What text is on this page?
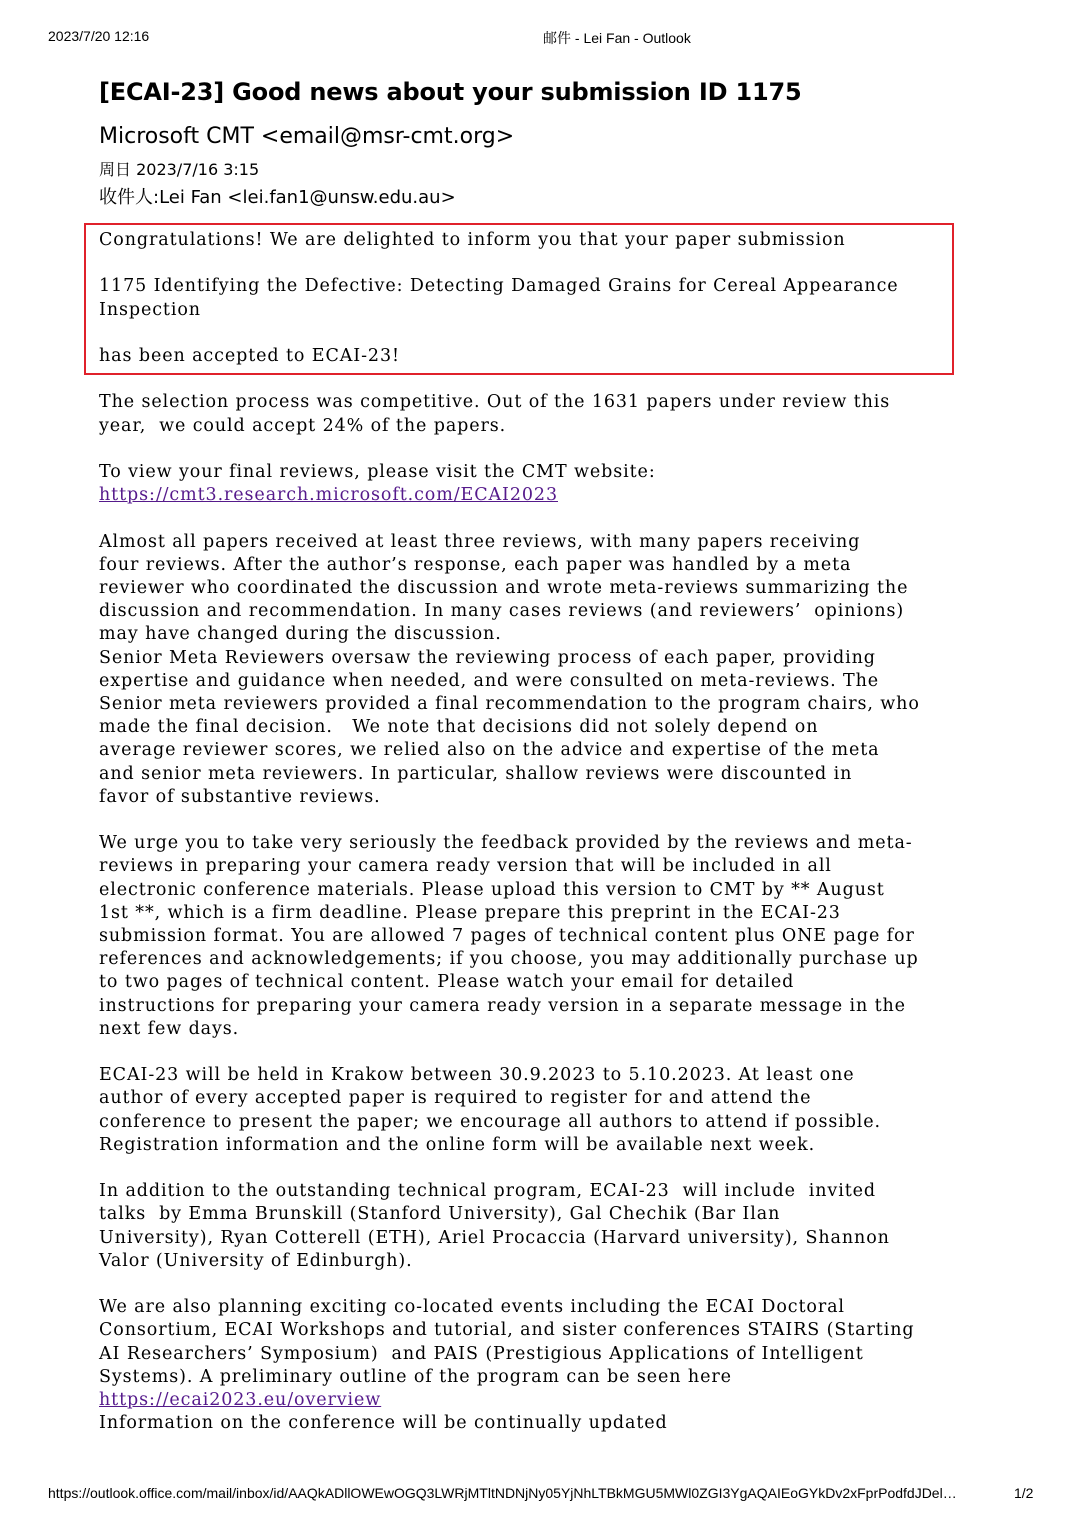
2023/7/20 12:16	邮件 - Lei Fan - Outlook
[ECAI-23] Good news about your submission ID 1175
Microsoft CMT <email@msr-cmt.org>
周日 2023/7/16 3:15
收件人:Lei Fan <lei.fan1@unsw.edu.au>

Congratulations! We are delighted to inform you that your paper submission

1175 Identifying the Defective: Detecting Damaged Grains for Cereal Appearance

Inspection

has been accepted to ECAI-23!

The selection process was competitive. Out of the 1631 papers under review this

year,  we could accept 24% of the papers.

To view your final reviews, please visit the CMT website:

https://cmt3.research.microsoft.com/ECAI2023

Almost all papers received at least three reviews, with many papers receiving

four reviews. After the author’s response, each paper was handled by a meta

reviewer who coordinated the discussion and wrote meta-reviews summarizing the

discussion and recommendation. In many cases reviews (and reviewers’  opinions)

may have changed during the discussion.

Senior Meta Reviewers oversaw the reviewing process of each paper, providing

expertise and guidance when needed, and were consulted on meta-reviews. The

Senior meta reviewers provided a final recommendation to the program chairs, who

made the final decision.   We note that decisions did not solely depend on

average reviewer scores, we relied also on the advice and expertise of the meta

and senior meta reviewers. In particular, shallow reviews were discounted in

favor of substantive reviews.

We urge you to take very seriously the feedback provided by the reviews and meta-

reviews in preparing your camera ready version that will be included in all

electronic conference materials. Please upload this version to CMT by ** August

1st **, which is a firm deadline. Please prepare this preprint in the ECAI-23

submission format. You are allowed 7 pages of technical content plus ONE page for

references and acknowledgements; if you choose, you may additionally purchase up

to two pages of technical content. Please watch your email for detailed

instructions for preparing your camera ready version in a separate message in the

next few days.

ECAI-23 will be held in Krakow between 30.9.2023 to 5.10.2023. At least one

author of every accepted paper is required to register for and attend the

conference to present the paper; we encourage all authors to attend if possible.

Registration information and the online form will be available next week.

In addition to the outstanding technical program, ECAI-23  will include  invited

talks  by Emma Brunskill (Stanford University), Gal Chechik (Bar Ilan

University), Ryan Cotterell (ETH), Ariel Procaccia (Harvard university), Shannon

Valor (University of Edinburgh).

We are also planning exciting co-located events including the ECAI Doctoral

Consortium, ECAI Workshops and tutorial, and sister conferences STAIRS (Starting

AI Researchers’ Symposium)  and PAIS (Prestigious Applications of Intelligent

Systems). A preliminary outline of the program can be seen here

https://ecai2023.eu/overview

Information on the conference will be continually updated

https://outlook.office.com/mail/inbox/id/AAQkADllOWEwOGQ3LWRjMTltNDNjNy05YjNhLTBkMGU5MWl0ZGI3YgAQAIEoGYkDv2xFprPodfdJDel…	1/2
